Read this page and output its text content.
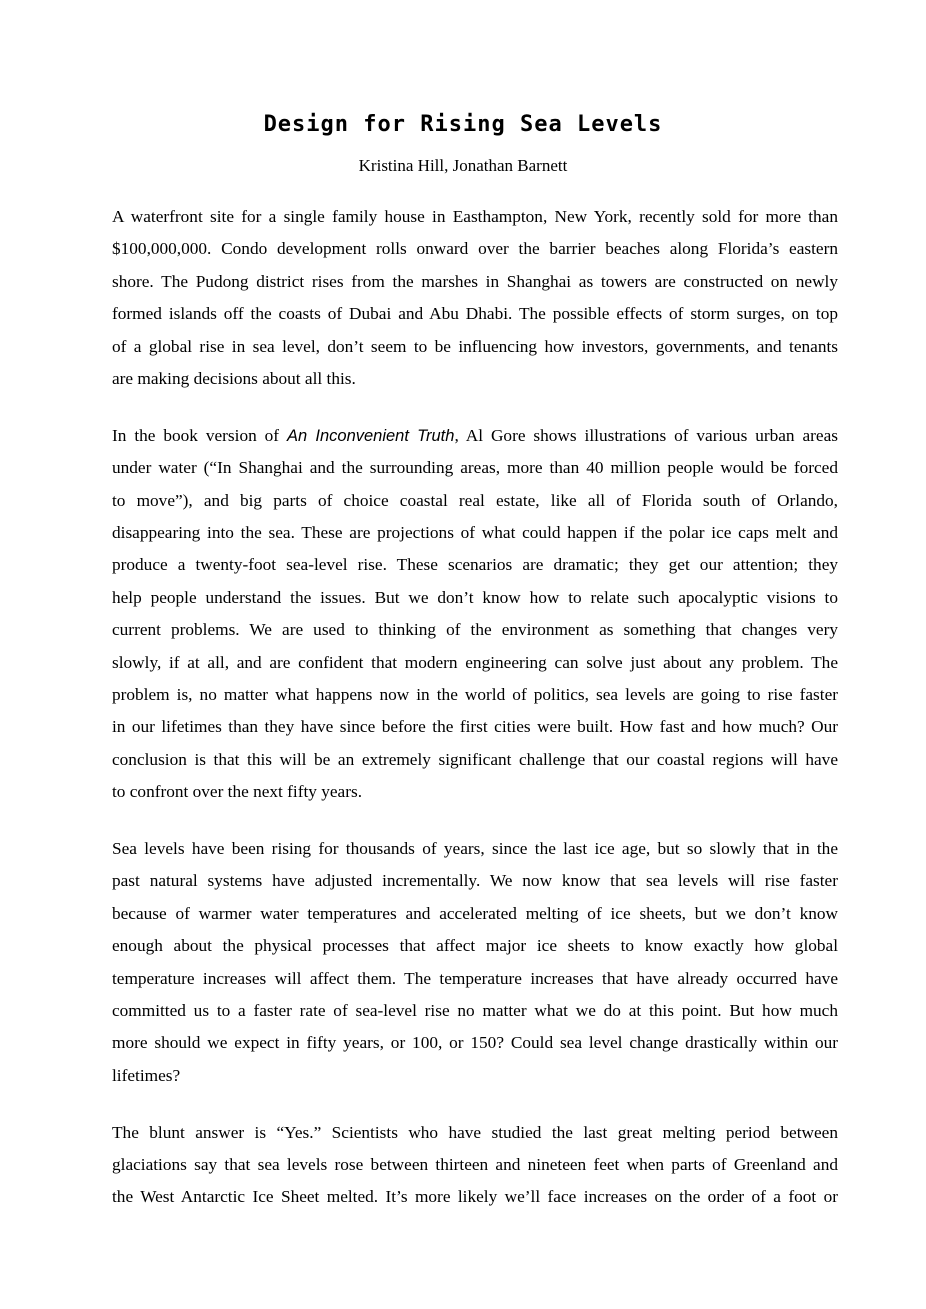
Design for Rising Sea Levels
Kristina Hill, Jonathan Barnett
A waterfront site for a single family house in Easthampton, New York, recently sold for more than
$100,000,000. Condo development rolls onward over the barrier beaches along Florida’s eastern
shore. The Pudong district rises from the marshes in Shanghai as towers are constructed on newly
formed islands off the coasts of Dubai and Abu Dhabi. The possible effects of storm surges, on top
of a global rise in sea level, don’t seem to be influencing how investors, governments, and tenants
are making decisions about all this.
In the book version of An Inconvenient Truth, Al Gore shows illustrations of various urban areas
under water (“In Shanghai and the surrounding areas, more than 40 million people would be forced
to move”), and big parts of choice coastal real estate, like all of Florida south of Orlando,
disappearing into the sea. These are projections of what could happen if the polar ice caps melt and
produce a twenty-foot sea-level rise. These scenarios are dramatic; they get our attention; they
help people understand the issues. But we don’t know how to relate such apocalyptic visions to
current problems. We are used to thinking of the environment as something that changes very
slowly, if at all, and are confident that modern engineering can solve just about any problem. The
problem is, no matter what happens now in the world of politics, sea levels are going to rise faster
in our lifetimes than they have since before the first cities were built. How fast and how much? Our
conclusion is that this will be an extremely significant challenge that our coastal regions will have
to confront over the next fifty years.
Sea levels have been rising for thousands of years, since the last ice age, but so slowly that in the
past natural systems have adjusted incrementally. We now know that sea levels will rise faster
because of warmer water temperatures and accelerated melting of ice sheets, but we don’t know
enough about the physical processes that affect major ice sheets to know exactly how global
temperature increases will affect them. The temperature increases that have already occurred have
committed us to a faster rate of sea-level rise no matter what we do at this point. But how much
more should we expect in fifty years, or 100, or 150? Could sea level change drastically within our
lifetimes?
The blunt answer is “Yes.” Scientists who have studied the last great melting period between
glaciations say that sea levels rose between thirteen and nineteen feet when parts of Greenland and
the West Antarctic Ice Sheet melted. It’s more likely we’ll face increases on the order of a foot or
